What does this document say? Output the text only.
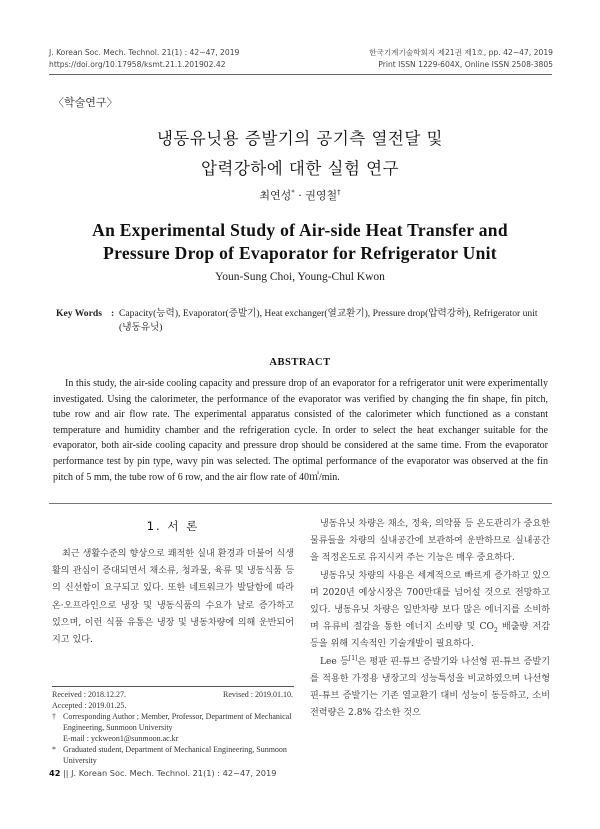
J. Korean Soc. Mech. Technol. 21(1) : 42~47, 2019
https://doi.org/10.17958/ksmt.21.1.201902.42
한국기계기술학회지 제21권 제1호, pp. 42~47, 2019
Print ISSN 1229-604X, Online ISSN 2508-3805
〈학술연구〉
냉동유닛용 증발기의 공기측 열전달 및
압력강하에 대한 실험 연구
최연성* · 권영철†
An Experimental Study of Air-side Heat Transfer and
Pressure Drop of Evaporator for Refrigerator Unit
Youn-Sung Choi, Young-Chul Kwon
Key Words : Capacity(능력), Evaporator(증발기), Heat exchanger(열교환기), Pressure drop(압력강하), Refrigerator unit (냉동유닛)
ABSTRACT
In this study, the air-side cooling capacity and pressure drop of an evaporator for a refrigerator unit were experimentally investigated. Using the calorimeter, the performance of the evaporator was verified by changing the fin shape, fin pitch, tube row and air flow rate. The experimental apparatus consisted of the calorimeter which functioned as a constant temperature and humidity chamber and the refrigeration cycle. In order to select the heat exchanger suitable for the evaporator, both air-side cooling capacity and pressure drop should be considered at the same time. From the evaporator performance test by pin type, wavy pin was selected. The optimal performance of the evaporator was observed at the fin pitch of 5 mm, the tube row of 6 row, and the air flow rate of 40㎥/min.
1. 서 론

최근 생활수준의 향상으로 쾌적한 실내 환경과 더불어 식생활의 관심이 증대되면서 채소류, 청과물, 육류 및 냉동식품 등의 신선함이 요구되고 있다. 또한 네트워크가 발달함에 따라 온·오프라인으로 냉장 및 냉동식품의 수요가 날로 증가하고 있으며, 이런 식품 유통은 냉장 및 냉동차량에 의해 운반되어지고 있다.

냉동유닛 차량은 채소, 정육, 의약품 등 온도관리가 중요한 물류들을 차량의 실내공간에 보관하여 운반하므로 실내공간을 적정온도로 유지시켜 주는 기능은 매우 중요하다.

냉동유닛 차량의 사용은 세계적으로 빠르게 증가하고 있으며 2020년 예상시장은 700만대를 넘어설 것으로 전망하고 있다. 냉동유닛 차량은 일반차량 보다 많은 에너지를 소비하며 유류비 절감을 통한 에너지 소비량 및 $CO_2$ 배출량 저감 등을 위해 지속적인 기술개발이 필요하다.

Lee 등[1]은 평판 핀-튜브 증발기와 나선형 핀-튜브 증발기를 적용한 가정용 냉장고의 성능특성을 비교하였으며 나선형 핀-튜브 증발기는 기존 열교환기 대비 성능이 동등하고, 소비전력량은 2.8% 감소한 것으

Received : 2018.12.27.	Revised : 2019.01.10.
Accepted : 2019.01.25.
† Corresponding Author ; Member, Professor, Department of Mechanical Engineering, Sunmoon University
E-mail : yckweon1@sunmoon.ac.kr
* Graduated student, Department of Mechanical Engineering, Sunmoon University
42 || J. Korean Soc. Mech. Technol. 21(1) : 42~47, 2019
